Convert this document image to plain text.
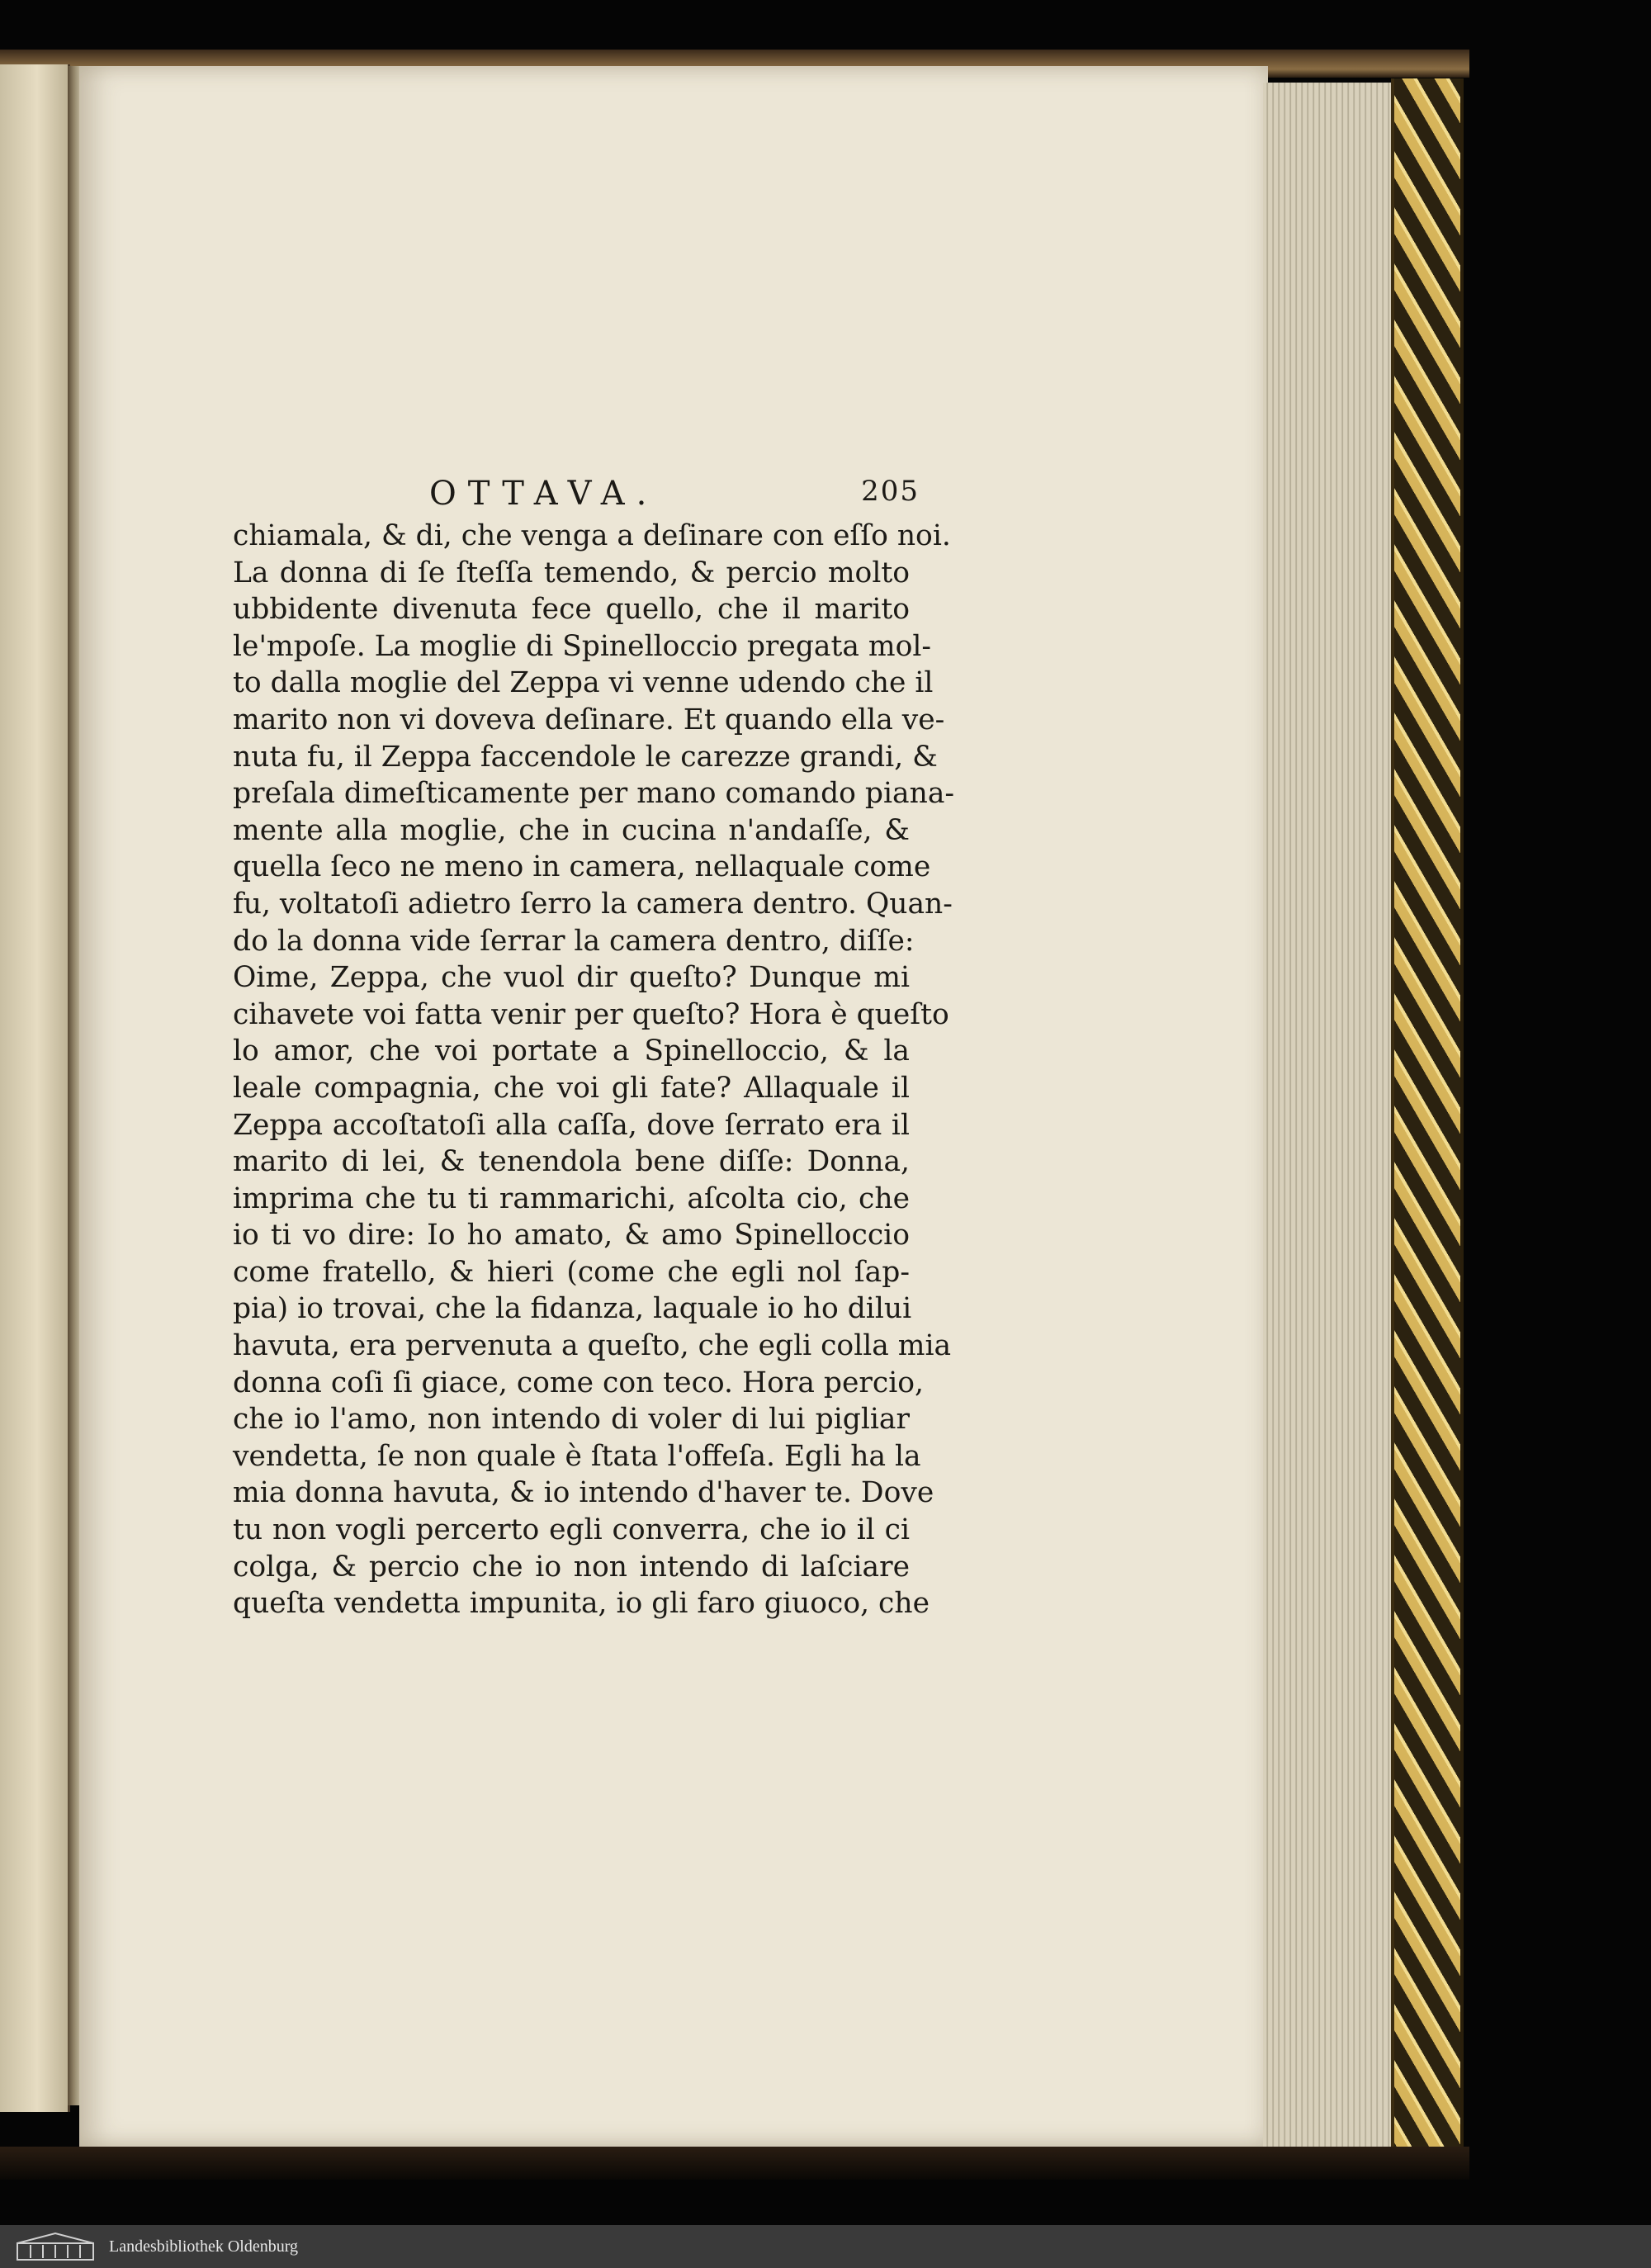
OTTAVA.	205
chiamala, & di, che venga a deſinare con eſſo noi.
La donna di ſe ſteſſa temendo, & percio molto
ubbidente divenuta fece quello, che il marito
le'mpoſe. La moglie di Spinelloccio pregata mol-
to dalla moglie del Zeppa vi venne udendo che il
marito non vi doveva deſinare. Et quando ella ve-
nuta fu, il Zeppa faccendole le carezze grandi, &
preſala dimeſticamente per mano comando piana-
mente alla moglie, che in cucina n'andaſſe, &
quella ſeco ne meno in camera, nellaquale come
fu, voltatoſi adietro ſerro la camera dentro. Quan-
do la donna vide ſerrar la camera dentro, diſſe:
Oime, Zeppa, che vuol dir queſto? Dunque mi
cihavete voi fatta venir per queſto? Hora è queſto
lo amor, che voi portate a Spinelloccio, & la
leale compagnia, che voi gli fate? Allaquale il
Zeppa accoſtatoſi alla caſſa, dove ſerrato era il
marito di lei, & tenendola bene diſſe: Donna,
imprima che tu ti rammarichi, aſcolta cio, che
io ti vo dire: Io ho amato, & amo Spinelloccio
come fratello, & hieri (come che egli nol ſap-
pia) io trovai, che la fidanza, laquale io ho dilui
havuta, era pervenuta a queſto, che egli colla mia
donna coſi ſi giace, come con teco. Hora percio,
che io l'amo, non intendo di voler di lui pigliar
vendetta, ſe non quale è ſtata l'offeſa. Egli ha la
mia donna havuta, & io intendo d'haver te. Dove
tu non vogli percerto egli converra, che io il ci
colga, & percio che io non intendo di laſciare
queſta vendetta impunita, io gli faro giuoco, che
Landesbibliothek Oldenburg
